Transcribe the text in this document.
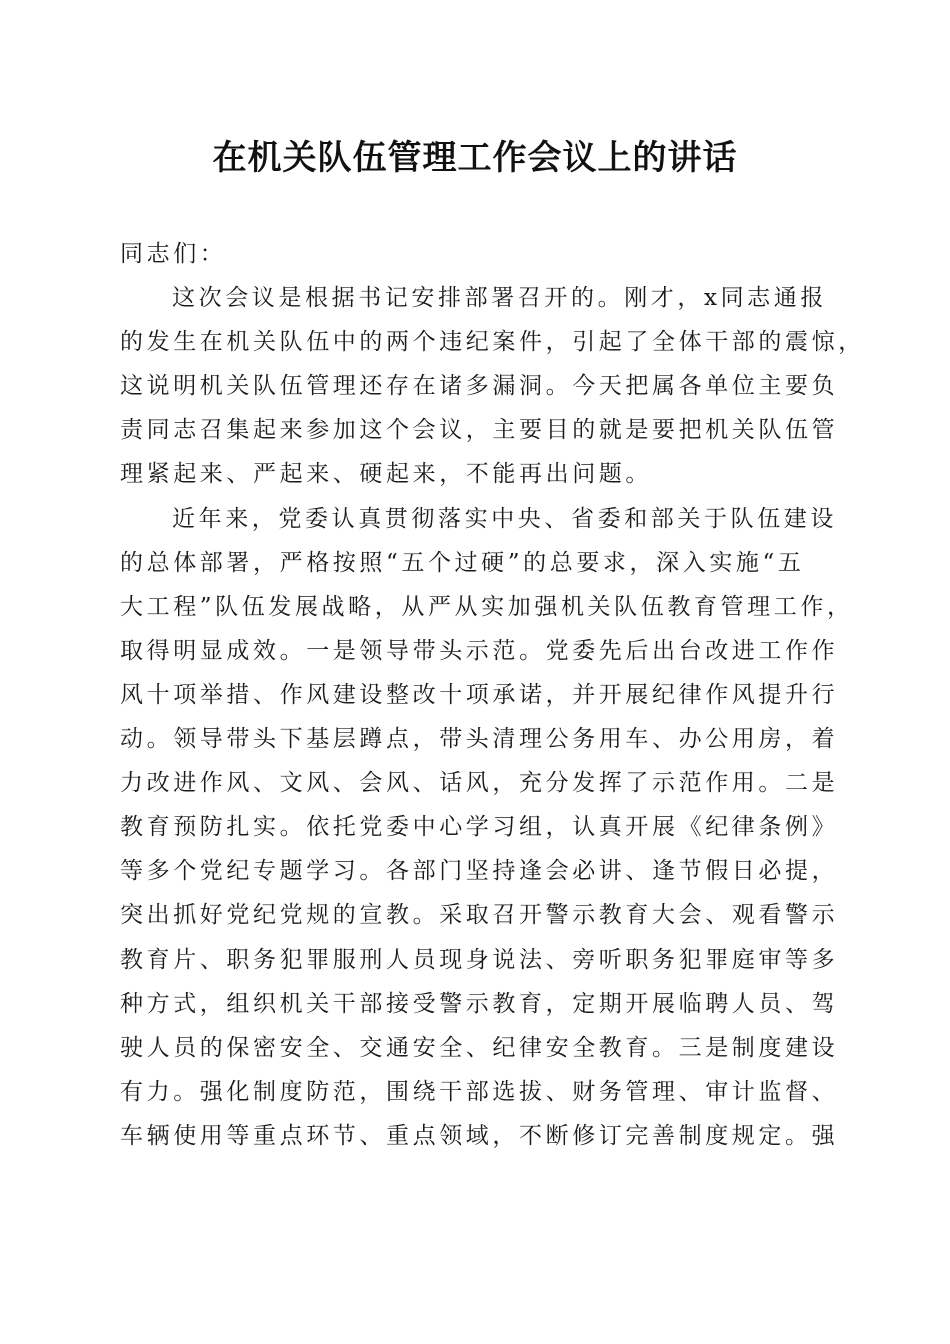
在机关队伍管理工作会议上的讲话
同志们：
这次会议是根据书记安排部署召开的。刚才，x同志通报
的发生在机关队伍中的两个违纪案件，引起了全体干部的震惊，
这说明机关队伍管理还存在诸多漏洞。今天把属各单位主要负
责同志召集起来参加这个会议，主要目的就是要把机关队伍管
理紧起来、严起来、硬起来，不能再出问题。
近年来，党委认真贯彻落实中央、省委和部关于队伍建设
的总体部署，严格按照“五个过硬”的总要求，深入实施“五
大工程”队伍发展战略，从严从实加强机关队伍教育管理工作，
取得明显成效。一是领导带头示范。党委先后出台改进工作作
风十项举措、作风建设整改十项承诺，并开展纪律作风提升行
动。领导带头下基层蹲点，带头清理公务用车、办公用房，着
力改进作风、文风、会风、话风，充分发挥了示范作用。二是
教育预防扎实。依托党委中心学习组，认真开展《纪律条例》
等多个党纪专题学习。各部门坚持逢会必讲、逢节假日必提，
突出抓好党纪党规的宣教。采取召开警示教育大会、观看警示
教育片、职务犯罪服刑人员现身说法、旁听职务犯罪庭审等多
种方式，组织机关干部接受警示教育，定期开展临聘人员、驾
驶人员的保密安全、交通安全、纪律安全教育。三是制度建设
有力。强化制度防范，围绕干部选拔、财务管理、审计监督、
车辆使用等重点环节、重点领域，不断修订完善制度规定。强
